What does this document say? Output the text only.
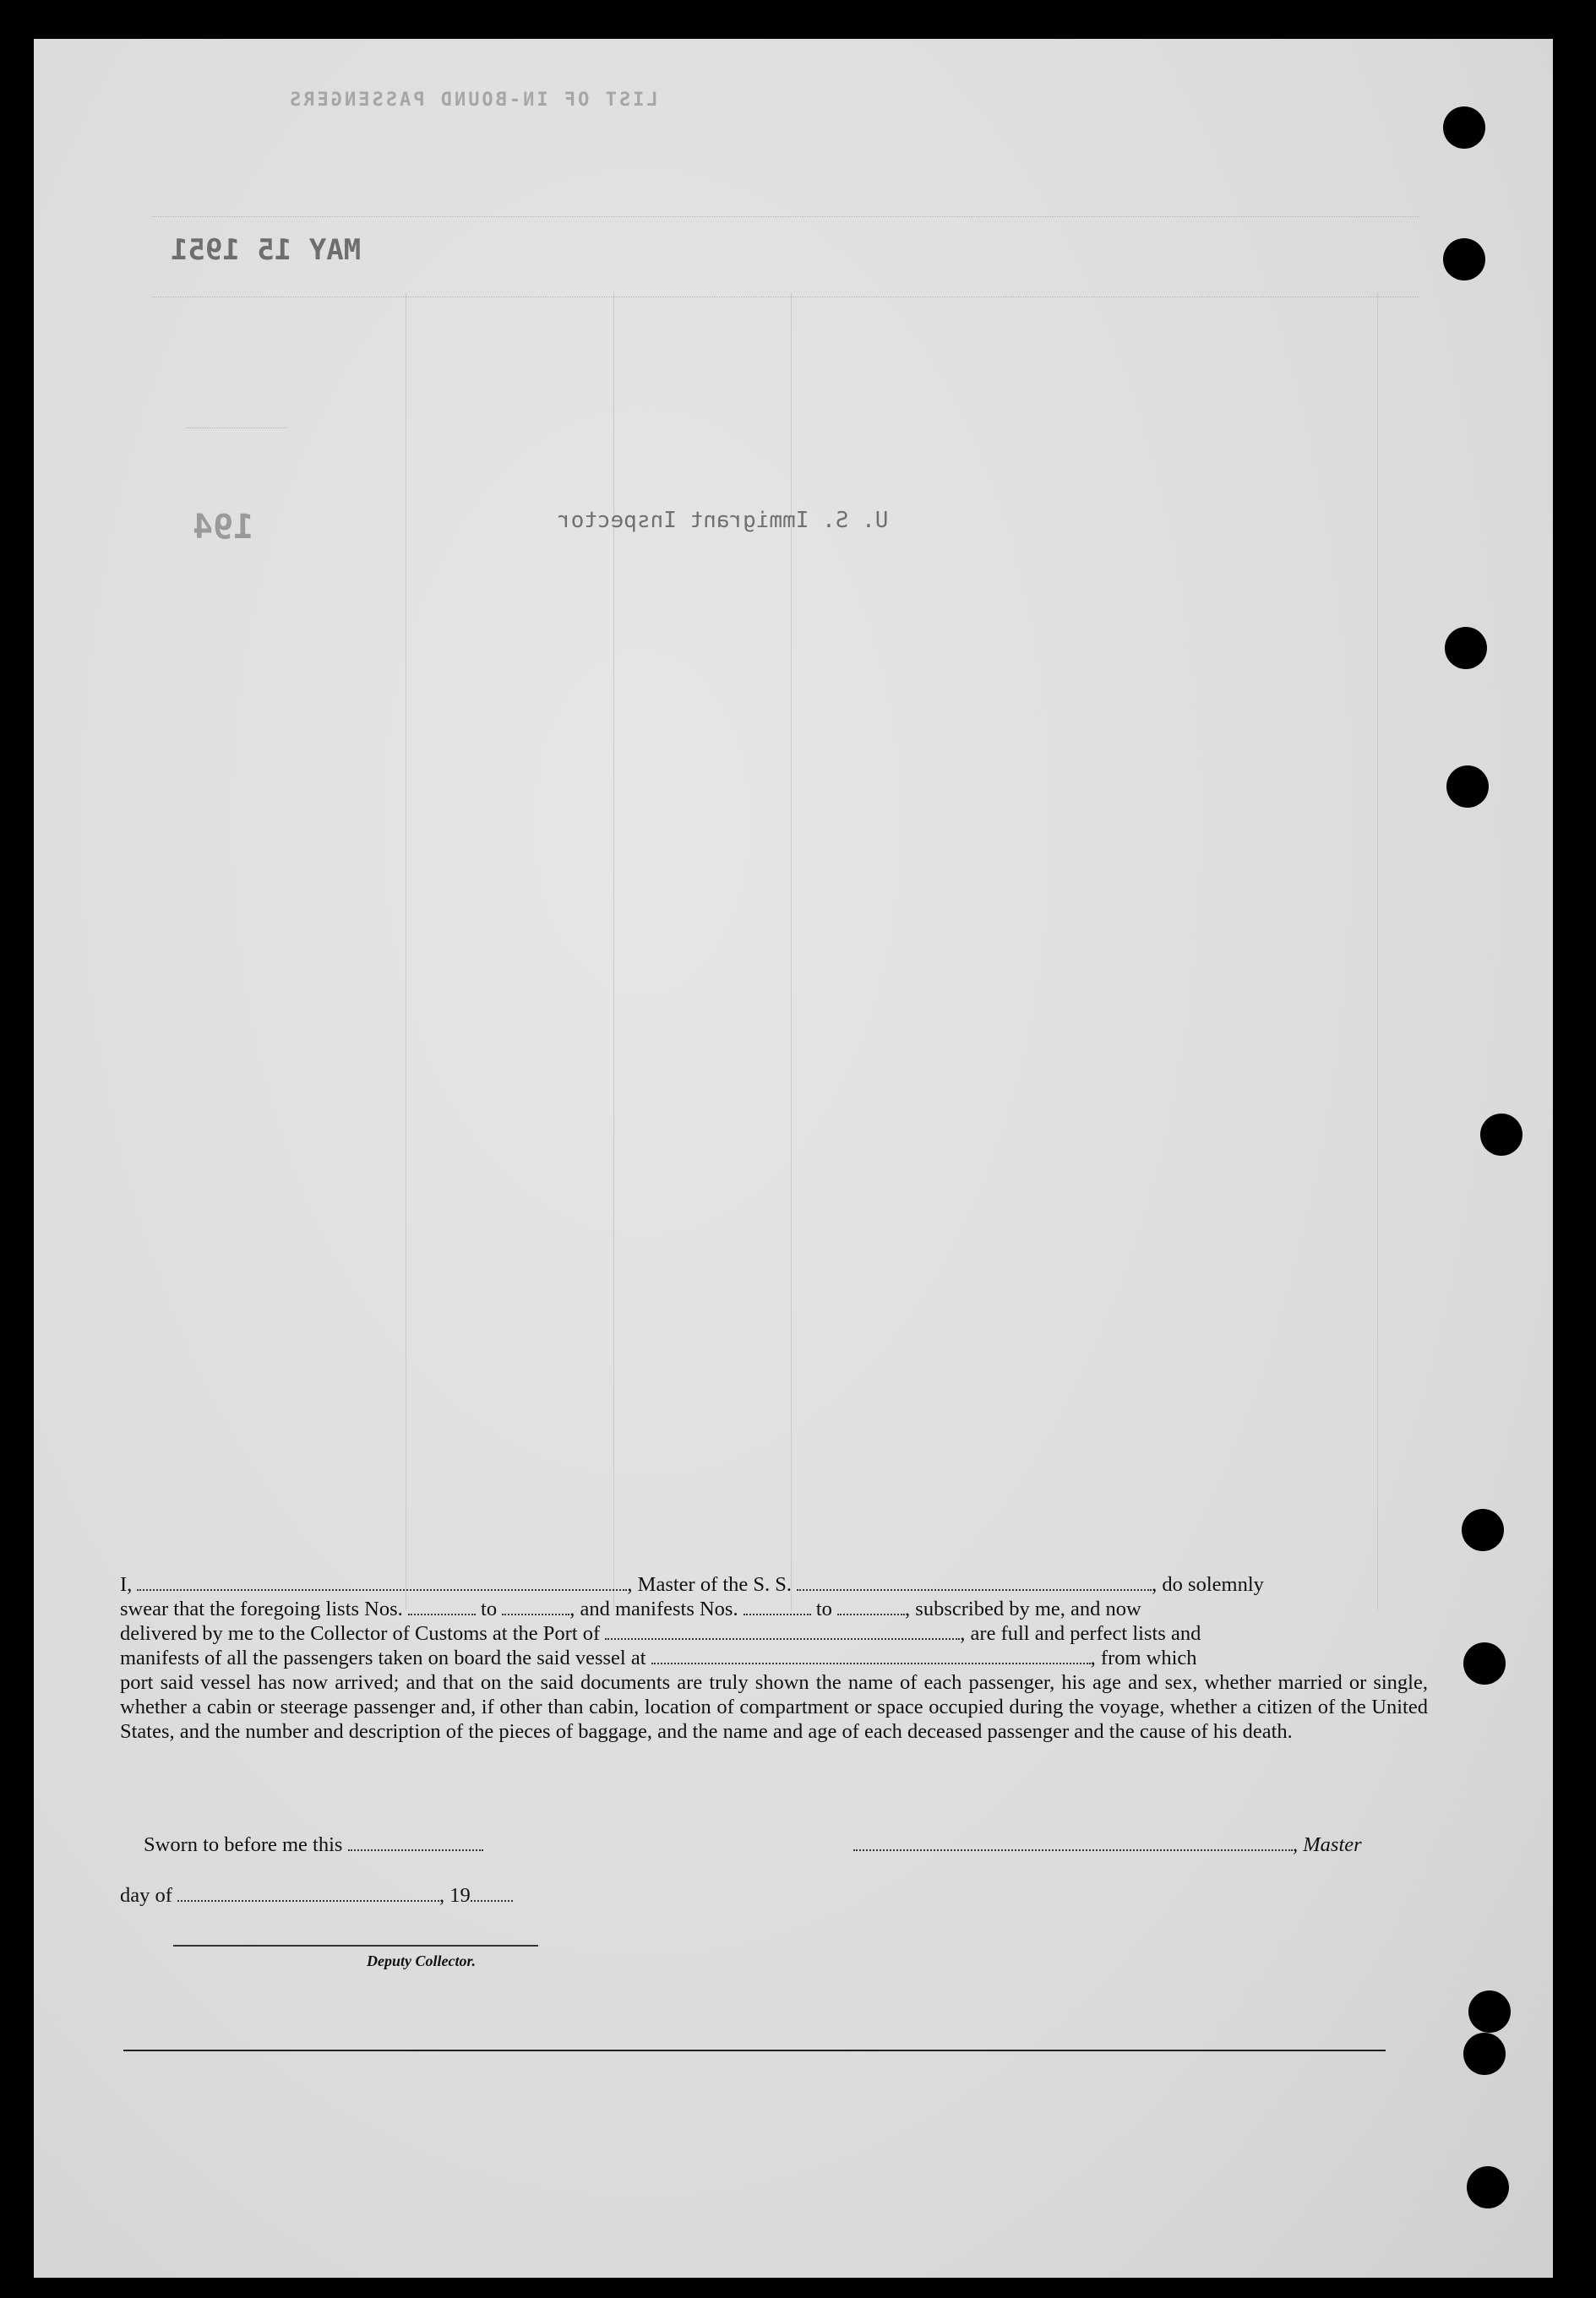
LIST OF IN-BOUND PASSENGERS
MAY 15 1951
194	U. S. Immigrant Inspector

I,	, Master of the S. S.	, do solemnly

swear that the foregoing lists Nos.	to	, and manifests Nos.	to	, subscribed by me, and now

delivered by me to the Collector of Customs at the Port of	, are full and perfect lists and

manifests of all the passengers taken on board the said vessel at	, from which

port said vessel has now arrived; and that on the said documents are truly shown the name of each passenger, his age and sex, whether married or single, whether a cabin or steerage passenger and, if other than cabin, location of compartment or space occupied during the voyage, whether a citizen of the United States, and the number and description of the pieces of baggage, and the name and age of each deceased passenger and the cause of his death.

Sworn to before me this	, Master
day of	, 19
Deputy Collector.
